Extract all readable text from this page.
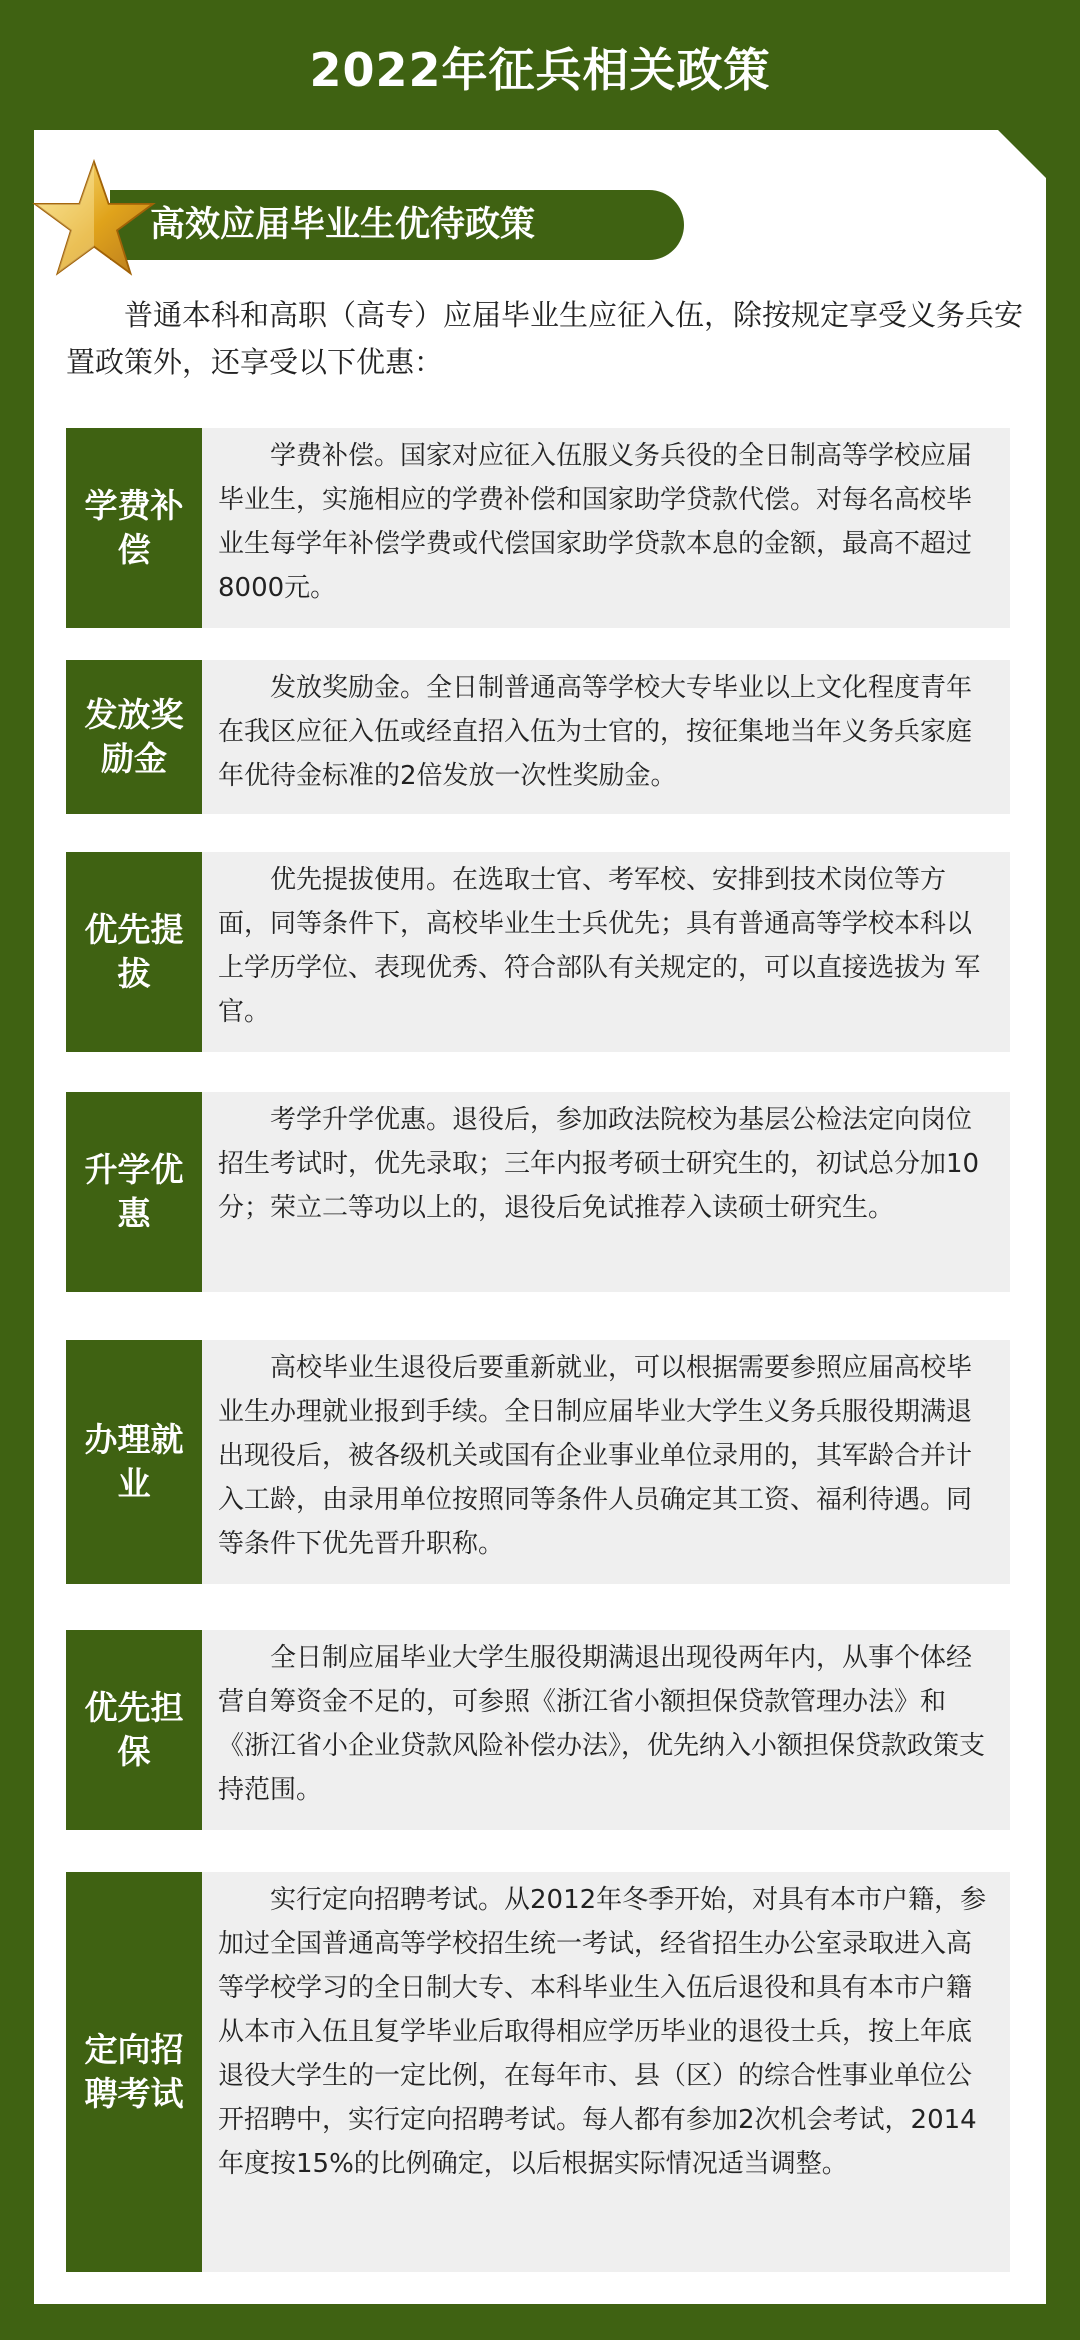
2022年征兵相关政策
高效应届毕业生优待政策
普通本科和高职（高专）应届毕业生应征入伍，除按规定享受义务兵安置政策外，还享受以下优惠：
学费补偿
学费补偿。国家对应征入伍服义务兵役的全日制高等学校应届毕业生，实施相应的学费补偿和国家助学贷款代偿。对每名高校毕业生每学年补偿学费或代偿国家助学贷款本息的金额，最高不超过8000元。
发放奖励金
发放奖励金。全日制普通高等学校大专毕业以上文化程度青年在我区应征入伍或经直招入伍为士官的，按征集地当年义务兵家庭年优待金标准的2倍发放一次性奖励金。
优先提拔
优先提拔使用。在选取士官、考军校、安排到技术岗位等方面，同等条件下，高校毕业生士兵优先；具有普通高等学校本科以上学历学位、表现优秀、符合部队有关规定的，可以直接选拔为 军官。
升学优惠
考学升学优惠。退役后，参加政法院校为基层公检法定向岗位招生考试时，优先录取；三年内报考硕士研究生的，初试总分加10分；荣立二等功以上的，退役后免试推荐入读硕士研究生。
办理就业
高校毕业生退役后要重新就业，可以根据需要参照应届高校毕业生办理就业报到手续。全日制应届毕业大学生义务兵服役期满退出现役后，被各级机关或国有企业事业单位录用的，其军龄合并计入工龄，由录用单位按照同等条件人员确定其工资、福利待遇。同等条件下优先晋升职称。
优先担保
全日制应届毕业大学生服役期满退出现役两年内，从事个体经营自筹资金不足的，可参照《浙江省小额担保贷款管理办法》和《浙江省小企业贷款风险补偿办法》，优先纳入小额担保贷款政策支持范围。
定向招聘考试
实行定向招聘考试。从2012年冬季开始，对具有本市户籍，参加过全国普通高等学校招生统一考试，经省招生办公室录取进入高等学校学习的全日制大专、本科毕业生入伍后退役和具有本市户籍从本市入伍且复学毕业后取得相应学历毕业的退役士兵，按上年底退役大学生的一定比例，在每年市、县（区）的综合性事业单位公开招聘中，实行定向招聘考试。每人都有参加2次机会考试，2014年度按15%的比例确定，以后根据实际情况适当调整。
